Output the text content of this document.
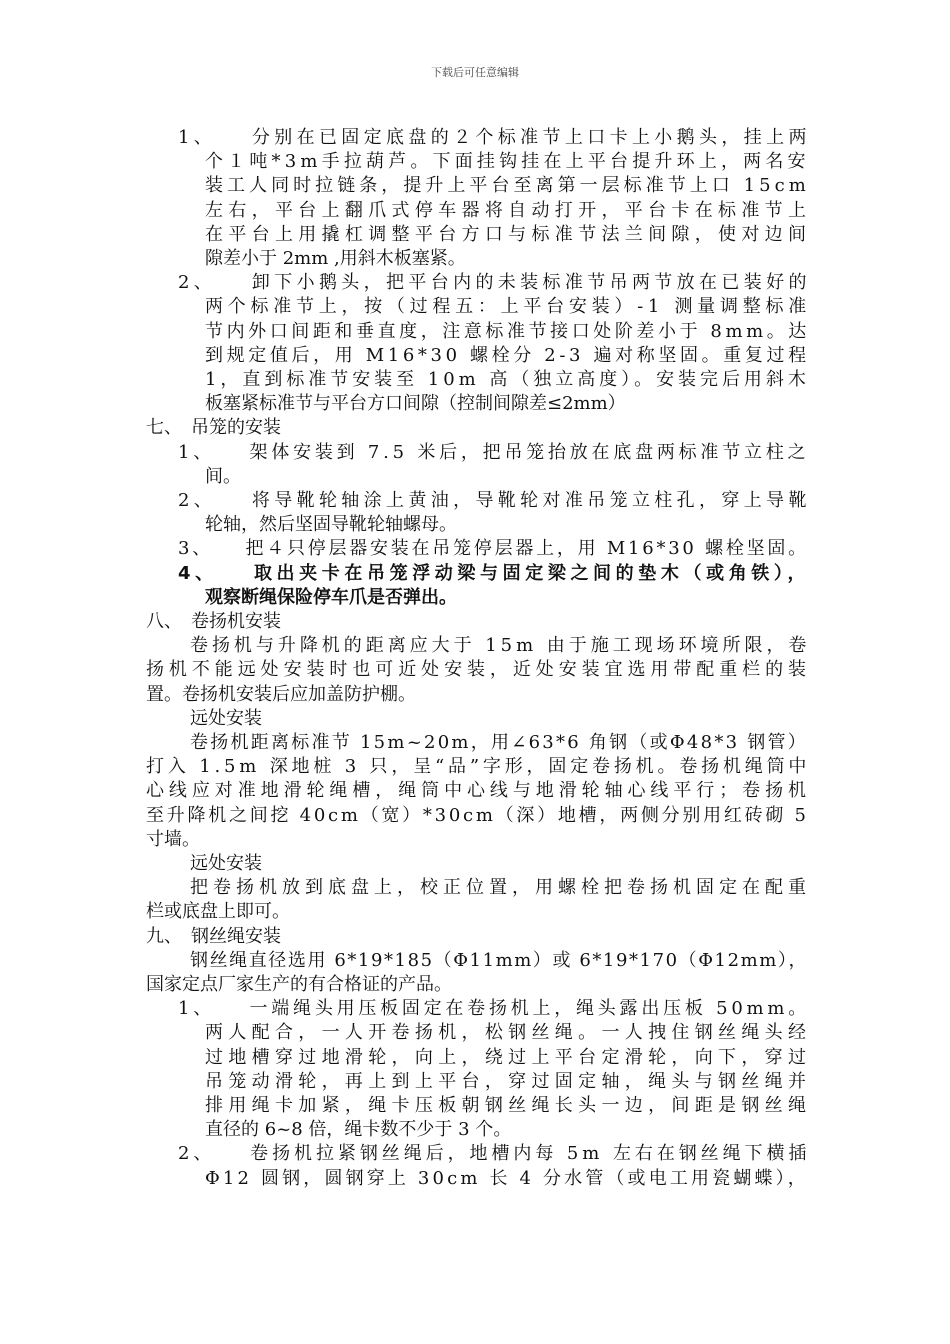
下载后可任意编辑
1、　　分别在已固定底盘的２个标准节上口卡上小鹅头，挂上两
个１吨*3m手拉葫芦。下面挂钩挂在上平台提升环上，两名安
装工人同时拉链条，提升上平台至离第一层标准节上口 15cm
左右，平台上翻爪式停车器将自动打开，平台卡在标准节上
在平台上用撬杠调整平台方口与标准节法兰间隙，使对边间
隙差小于 2mm ,用斜木板塞紧。
2、　　卸下小鹅头，把平台内的未装标准节吊两节放在已装好的
两个标准节上，按（过程五：上平台安装）-1 测量调整标准
节内外口间距和垂直度，注意标准节接口处阶差小于 8mm。达
到规定值后，用 M16*30 螺栓分 2-3 遍对称坚固。重复过程
1，直到标准节安装至 10m 高（独立高度）。安装完后用斜木
板塞紧标准节与平台方口间隙（控制间隙差≤2mm）
七、　吊笼的安装
1、　　架体安装到 7.5 米后，把吊笼抬放在底盘两标准节立柱之
间。
2、　　将导靴轮轴涂上黄油，导靴轮对准吊笼立柱孔，穿上导靴
轮轴，然后坚固导靴轮轴螺母。
3、　　把４只停层器安装在吊笼停层器上，用 M16*30 螺栓坚固。
4、　　取出夹卡在吊笼浮动梁与固定梁之间的垫木（或角铁），
观察断绳保险停车爪是否弹出。
八、　卷扬机安装
卷扬机与升降机的距离应大于 15m 由于施工现场环境所限，卷
扬机不能远处安装时也可近处安装，近处安装宜选用带配重栏的装
置。卷扬机安装后应加盖防护棚。
远处安装
卷扬机距离标准节 15m~20m，用∠63*6 角钢（或Φ48*3 钢管）
打入 1.5m 深地桩 3 只，呈“品”字形，固定卷扬机。卷扬机绳筒中
心线应对准地滑轮绳槽，绳筒中心线与地滑轮轴心线平行；卷扬机
至升降机之间挖 40cm（宽）*30cm（深）地槽，两侧分别用红砖砌 5
寸墙。
远处安装
把卷扬机放到底盘上，校正位置，用螺栓把卷扬机固定在配重
栏或底盘上即可。
九、　钢丝绳安装
钢丝绳直径选用 6*19*185（Φ11mm）或 6*19*170（Φ12mm），
国家定点厂家生产的有合格证的产品。
1、　　一端绳头用压板固定在卷扬机上，绳头露出压板 50mm。
两人配合，一人开卷扬机，松钢丝绳。一人拽住钢丝绳头经
过地槽穿过地滑轮，向上，绕过上平台定滑轮，向下，穿过
吊笼动滑轮，再上到上平台，穿过固定轴，绳头与钢丝绳并
排用绳卡加紧，绳卡压板朝钢丝绳长头一边，间距是钢丝绳
直径的 6~8 倍，绳卡数不少于 3 个。
2、　　卷扬机拉紧钢丝绳后，地槽内每 5m 左右在钢丝绳下横插
Φ12 圆钢，圆钢穿上 30cm 长 4 分水管（或电工用瓷蝴蝶），
